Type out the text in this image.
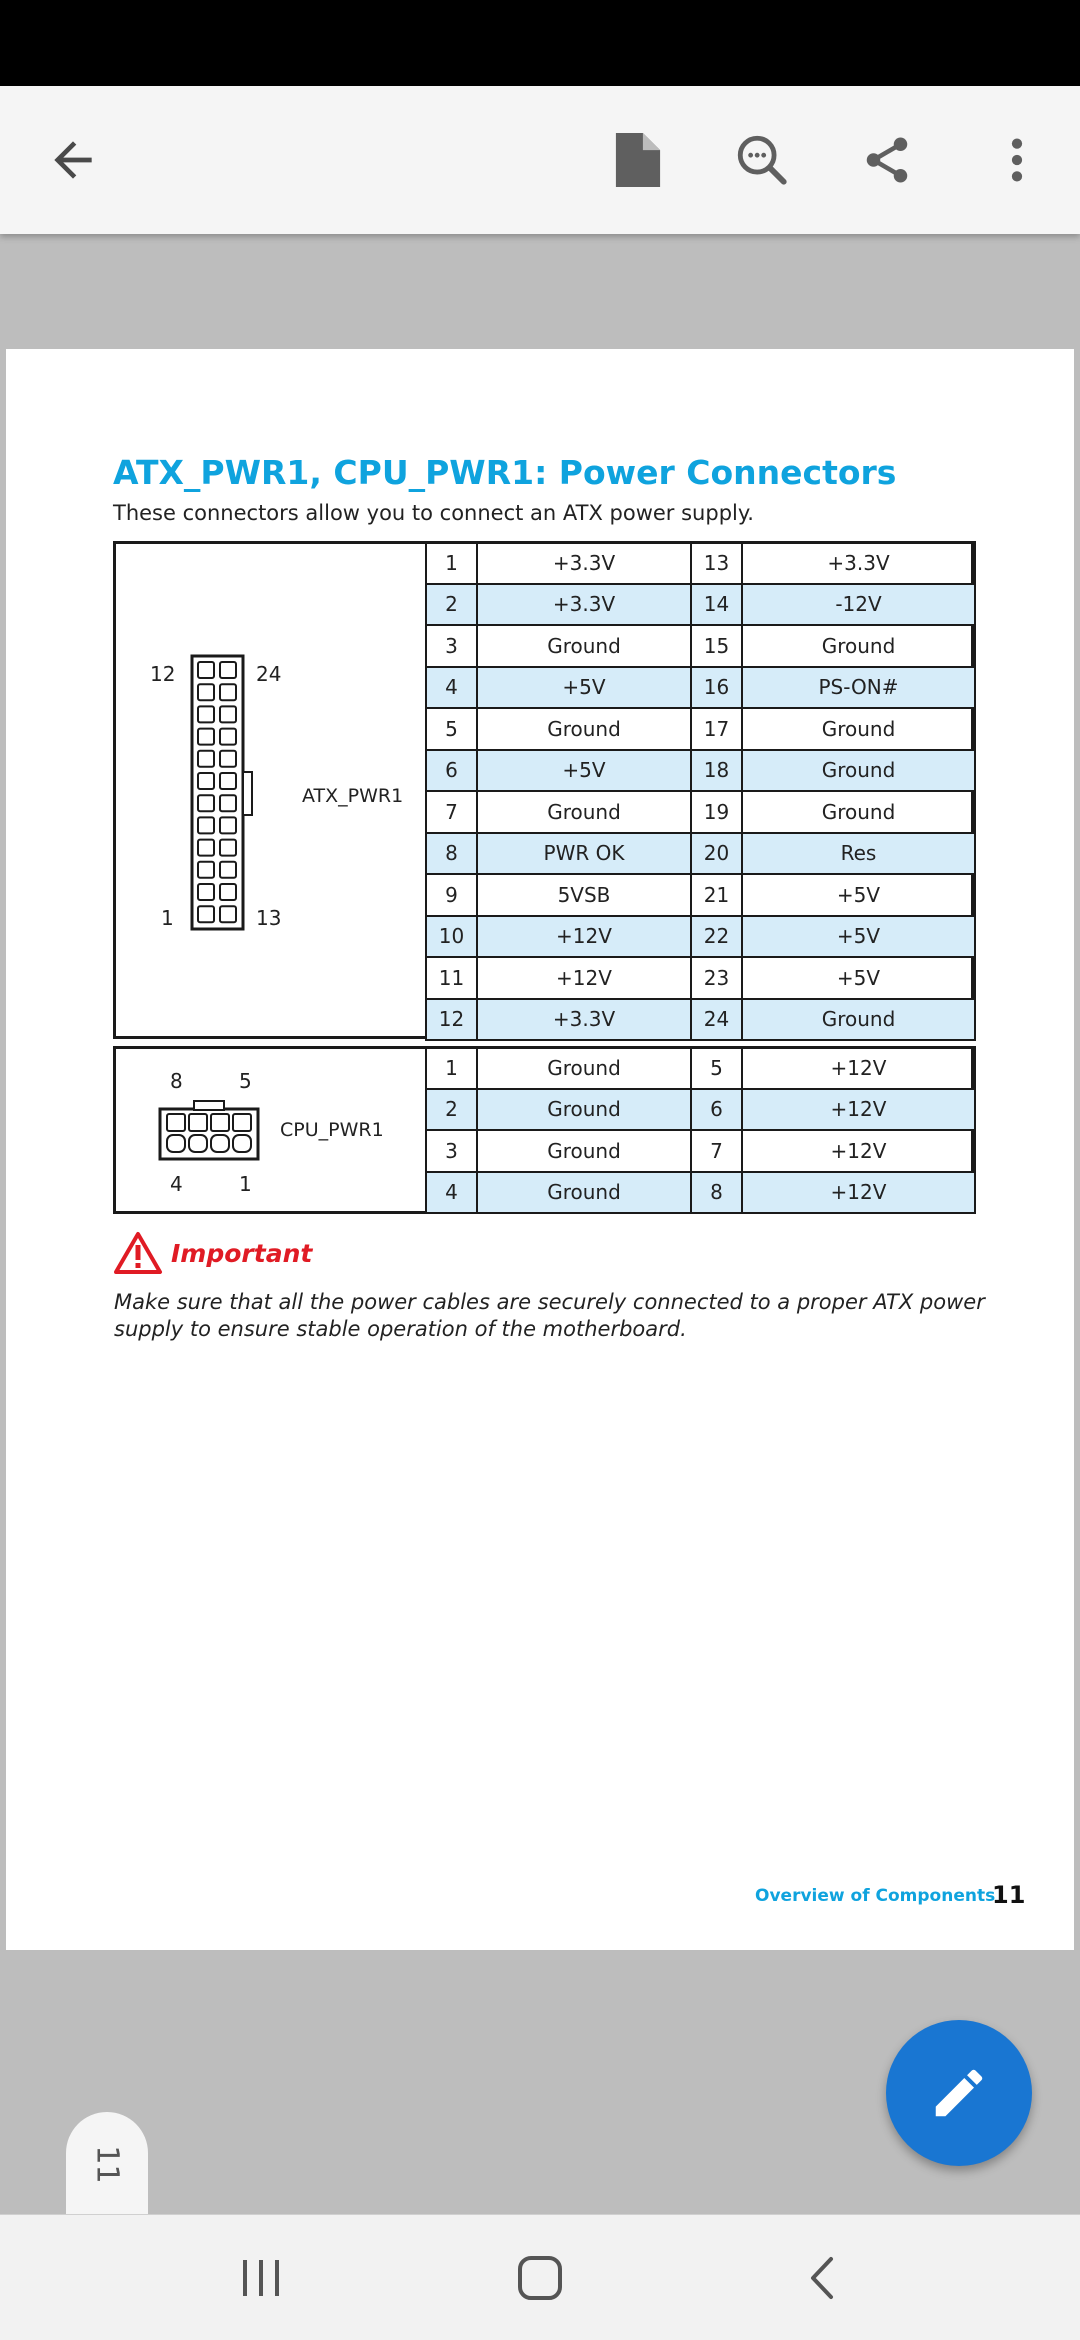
ATX_PWR1, CPU_PWR1: Power Connectors
These connectors allow you to connect an ATX power supply.
12	24
1	13
ATX_PWR1
1	+3.3V	13	+3.3V
2	+3.3V	14	-12V
3	Ground	15	Ground
4	+5V	16	PS-ON#
5	Ground	17	Ground
6	+5V	18	Ground
7	Ground	19	Ground
8	PWR OK	20	Res
9	5VSB	21	+5V
10	+12V	22	+5V
11	+12V	23	+5V
12	+3.3V	24	Ground
8	5
4	1
CPU_PWR1
1	Ground	5	+12V
2	Ground	6	+12V
3	Ground	7	+12V
4	Ground	8	+12V
Important
Make sure that all the power cables are securely connected to a proper ATX power supply to ensure stable operation of the motherboard.
Overview of Components
11
11
